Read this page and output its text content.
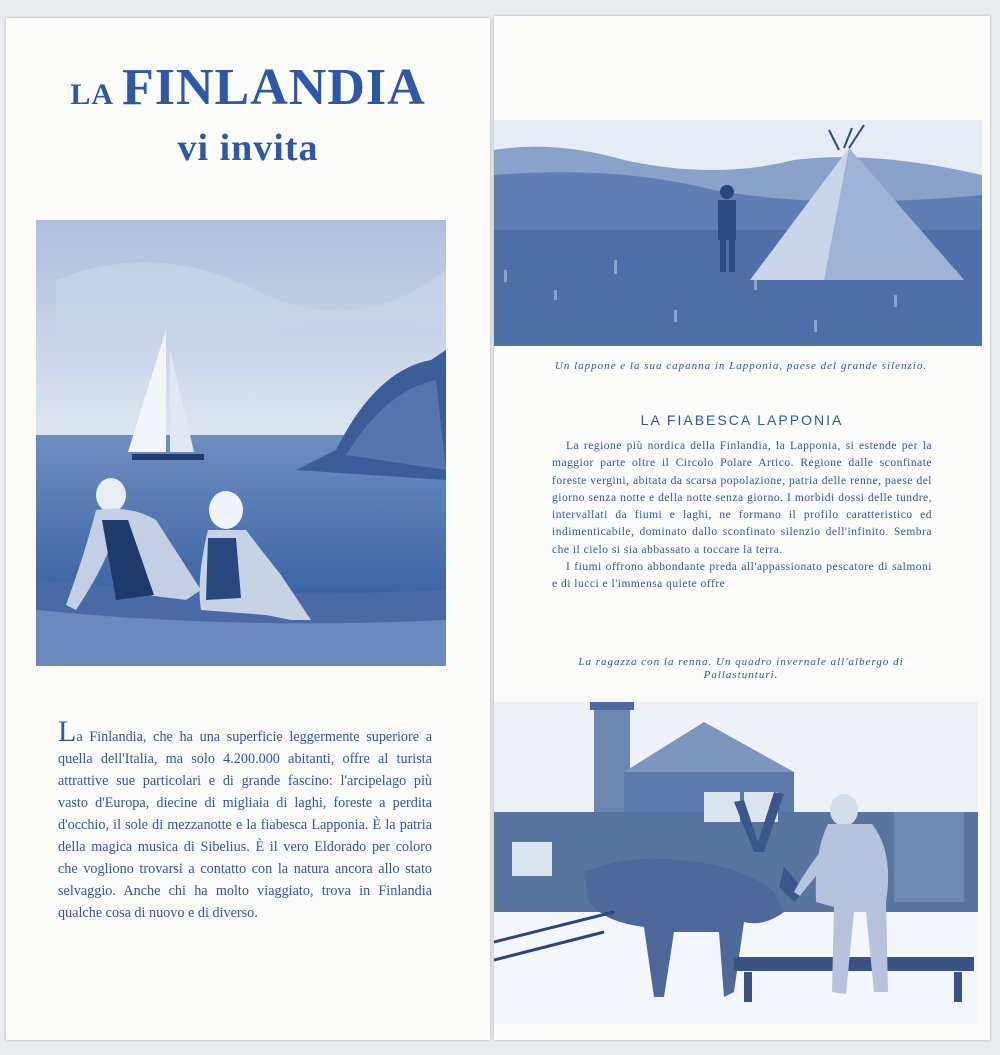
LA FINLANDIA
vi invita

La Finlandia, che ha una superficie leggermente superiore a quella dell'Italia, ma solo 4.200.000 abitanti, offre al turista attrattive sue particolari e di grande fascino: l'arcipelago più vasto d'Europa, diecine di migliaia di laghi, foreste a perdita d'occhio, il sole di mezzanotte e la fiabesca Lapponia. È la patria della magica musica di Sibelius. È il vero Eldorado per coloro che vogliono trovarsi a contatto con la natura ancora allo stato selvaggio. Anche chi ha molto viaggiato, trova in Finlandia qualche cosa di nuovo e di diverso.

Un lappone e la sua capanna in Lapponia, paese del grande silenzio.
LA FIABESCA LAPPONIA

La regione più nordica della Finlandia, la Lapponia, si estende per la maggior parte oltre il Circolo Polare Artico. Regione dalle sconfinate foreste vergini, abitata da scarsa popolazione, patria delle renne, paese del giorno senza notte e della notte senza giorno. I morbidi dossi delle tundre, intervallati da fiumi e laghi, ne formano il profilo caratteristico ed indimenticabile, dominato dallo sconfinato silenzio dell'infinito. Sembra che il cielo si sia abbassato a toccare la terra.

I fiumi offrono abbondante preda all'appassionato pescatore di salmoni e di lucci e l'immensa quiete offre

La ragazza con la renna. Un quadro invernale all'albergo di Pallastunturi.
